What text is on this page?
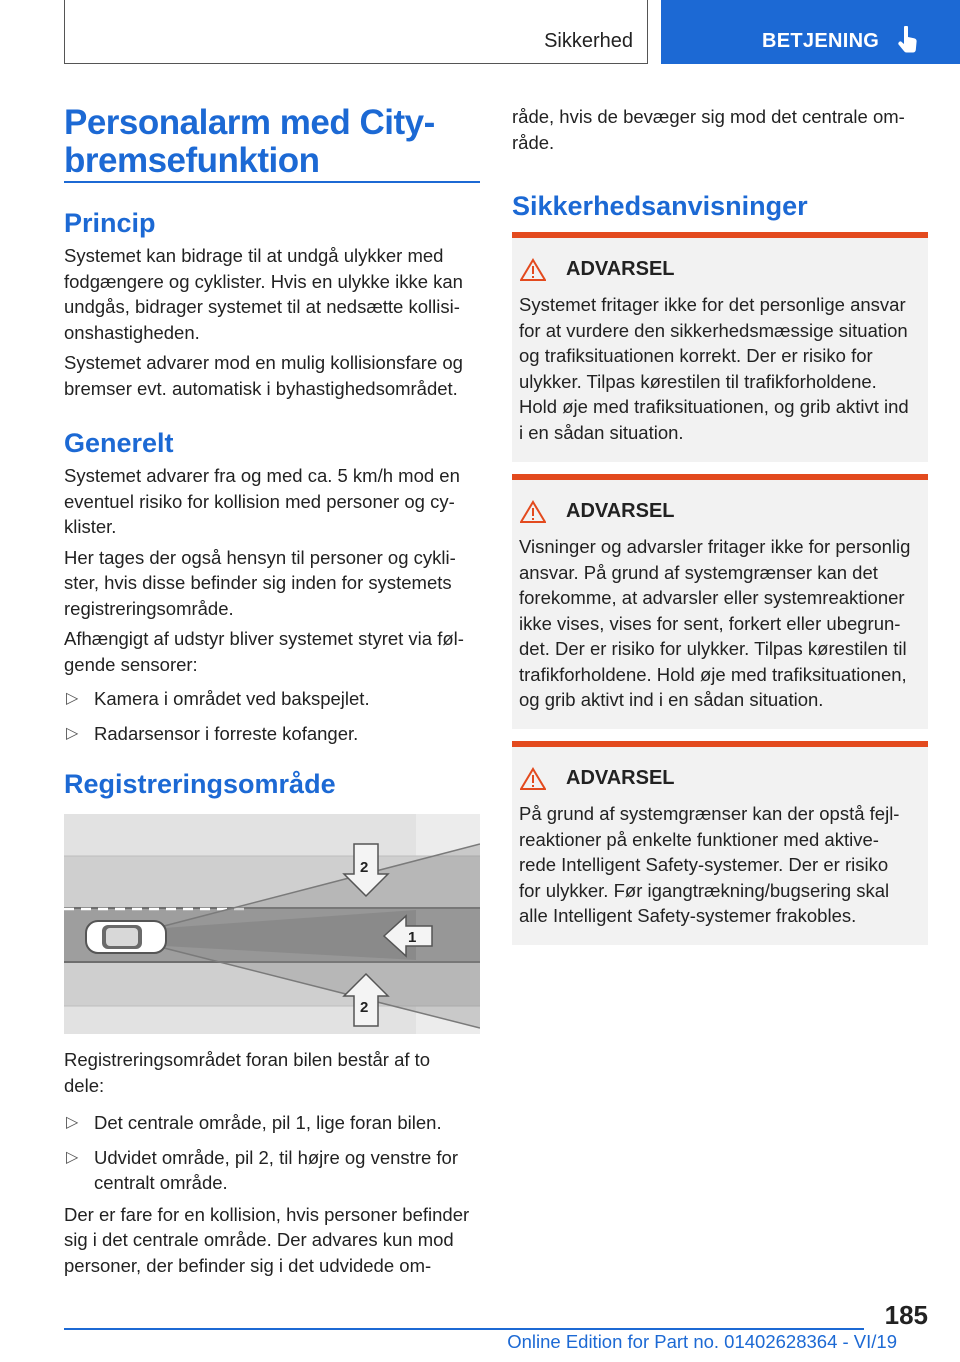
Sikkerhed	BETJENING
Personalarm med City-
bremsefunktion
Princip
Systemet kan bidrage til at undgå ulykker med
fodgængere og cyklister. Hvis en ulykke ikke kan
undgås, bidrager systemet til at nedsætte kollisi-
onshastigheden.
Systemet advarer mod en mulig kollisionsfare og
bremser evt. automatisk i byhastighedsområdet.
Generelt
Systemet advarer fra og med ca. 5 km/h mod en
eventuel risiko for kollision med personer og cy-
klister.
Her tages der også hensyn til personer og cykli-
ster, hvis disse befinder sig inden for systemets
registreringsområde.
Afhængigt af udstyr bliver systemet styret via føl-
gende sensorer:
▷ Kamera i området ved bakspejlet.
▷ Radarsensor i forreste kofanger.
Registreringsområde
1
2
2
Registreringsområdet foran bilen består af to
dele:
▷ Det centrale område, pil 1, lige foran bilen.
▷ Udvidet område, pil 2, til højre og venstre for
centralt område.
Der er fare for en kollision, hvis personer befinder
sig i det centrale område. Der advares kun mod
personer, der befinder sig i det udvidede om-
råde, hvis de bevæger sig mod det centrale om-
råde.
Sikkerhedsanvisninger
ADVARSEL
Systemet fritager ikke for det personlige ansvar
for at vurdere den sikkerhedsmæssige situation
og trafiksituationen korrekt. Der er risiko for
ulykker. Tilpas kørestilen til trafikforholdene.
Hold øje med trafiksituationen, og grib aktivt ind
i en sådan situation.
ADVARSEL
Visninger og advarsler fritager ikke for personlig
ansvar. På grund af systemgrænser kan det
forekomme, at advarsler eller systemreaktioner
ikke vises, vises for sent, forkert eller ubegrun-
det. Der er risiko for ulykker. Tilpas kørestilen til
trafikforholdene. Hold øje med trafiksituationen,
og grib aktivt ind i en sådan situation.
ADVARSEL
På grund af systemgrænser kan der opstå fejl-
reaktioner på enkelte funktioner med aktive-
rede Intelligent Safety-systemer. Der er risiko
for ulykker. Før igangtrækning/bugsering skal
alle Intelligent Safety-systemer frakobles.
185
Online Edition for Part no. 01402628364 - VI/19
